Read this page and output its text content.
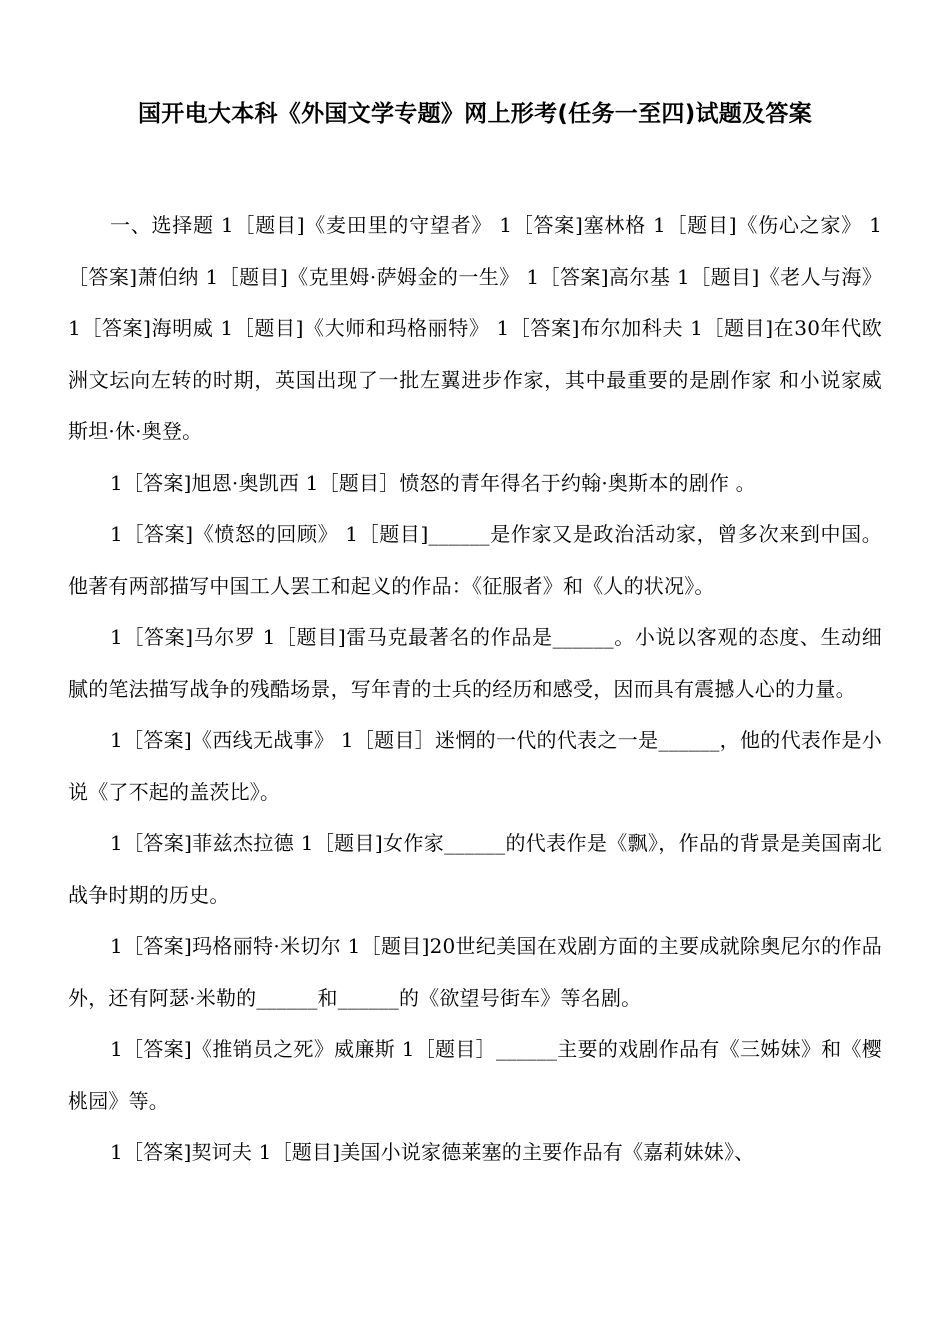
国开电大本科《外国文学专题》网上形考(任务一至四)试题及答案

一、选择题 1［题目]《麦田里的守望者》 1［答案]塞林格 1［题目]《伤心之家》 1［答案]萧伯纳 1［题目]《克里姆·萨姆金的一生》 1［答案]高尔基 1［题目]《老人与海》 1［答案]海明威 1［题目]《大师和玛格丽特》 1［答案]布尔加科夫 1［题目]在30年代欧洲文坛向左转的时期，英国出现了一批左翼进步作家，其中最重要的是剧作家 和小说家威斯坦·休·奥登。

1［答案]旭恩·奥凯西 1［题目］愤怒的青年得名于约翰·奥斯本的剧作 。

1［答案]《愤怒的回顾》 1［题目]______是作家又是政治活动家，曾多次来到中国。他著有两部描写中国工人罢工和起义的作品：《征服者》和《人的状况》。

1［答案]马尔罗 1［题目]雷马克最著名的作品是______。小说以客观的态度、生动细腻的笔法描写战争的残酷场景，写年青的士兵的经历和感受，因而具有震撼人心的力量。

1［答案]《西线无战事》 1［题目］迷惘的一代的代表之一是______，他的代表作是小说《了不起的盖茨比》。

1［答案]菲兹杰拉德 1［题目]女作家______的代表作是《飘》，作品的背景是美国南北战争时期的历史。

1［答案]玛格丽特·米切尔 1［题目]20世纪美国在戏剧方面的主要成就除奥尼尔的作品外，还有阿瑟·米勒的______和______的《欲望号街车》等名剧。

1［答案]《推销员之死》威廉斯 1［题目］______主要的戏剧作品有《三姊妹》和《樱桃园》等。

1［答案]契诃夫 1［题目]美国小说家德莱塞的主要作品有《嘉莉妹妹》、
